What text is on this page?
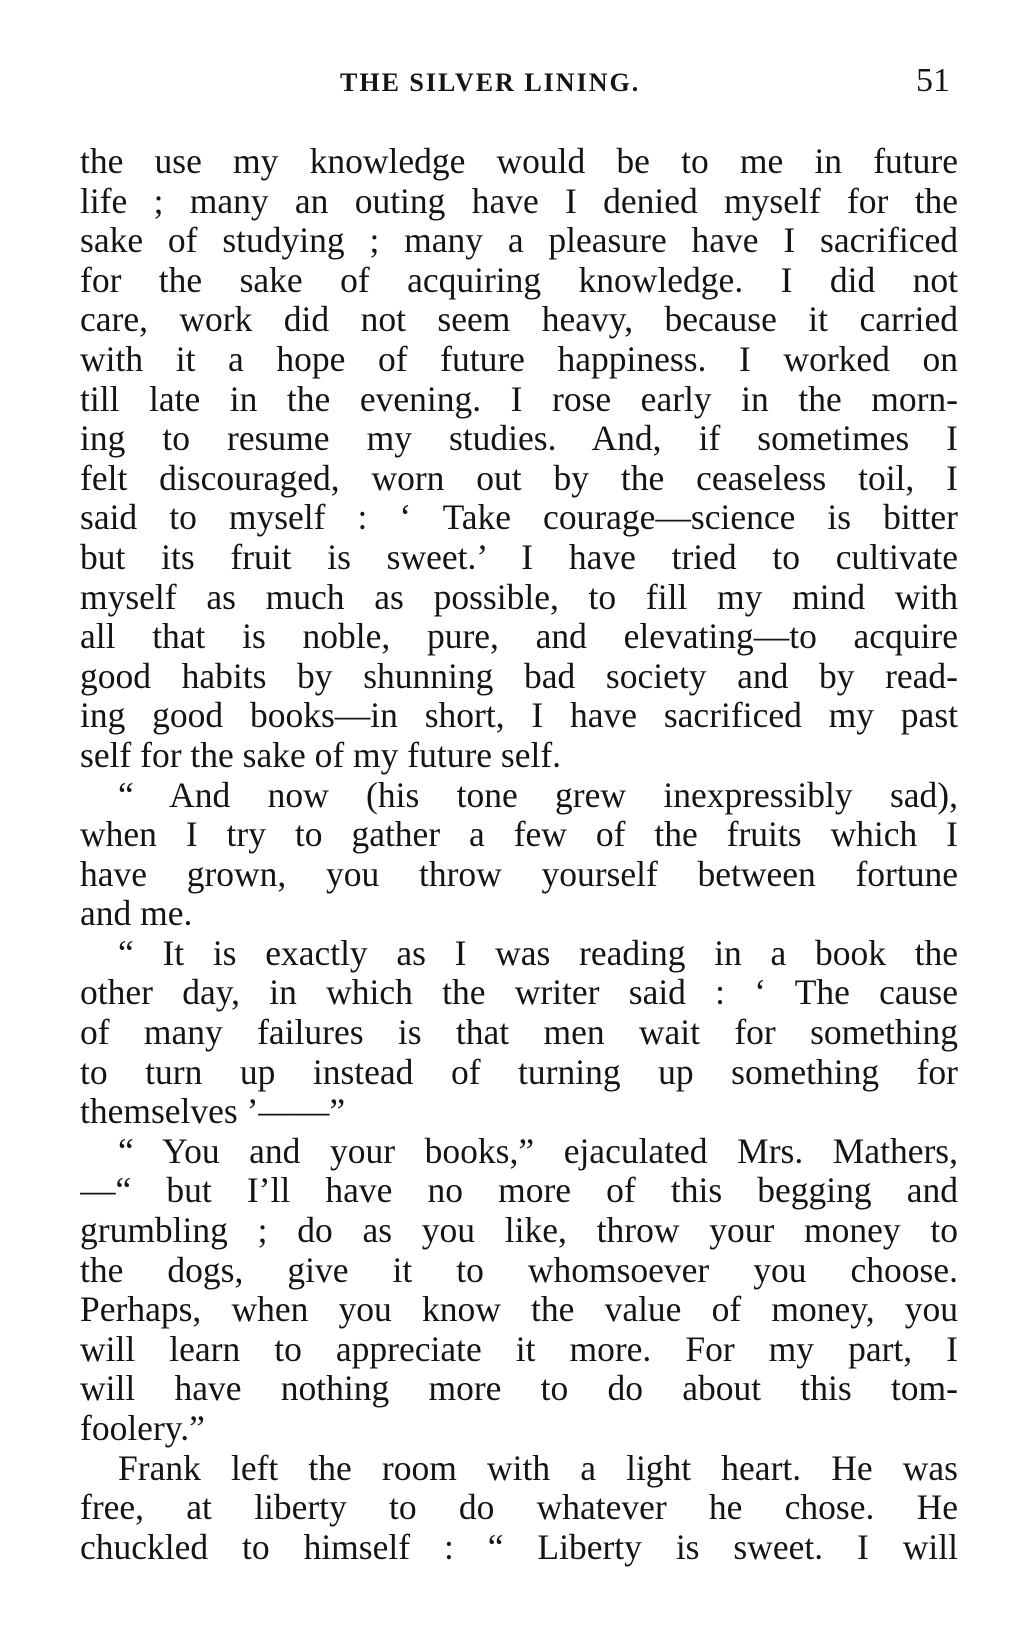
THE SILVER LINING.	51
the use my knowledge would be to me in future
life ; many an outing have I denied myself for the
sake of studying ; many a pleasure have I sacrificed
for the sake of acquiring knowledge. I did not
care, work did not seem heavy, because it carried
with it a hope of future happiness. I worked on
till late in the evening. I rose early in the morn-
ing to resume my studies. And, if sometimes I
felt discouraged, worn out by the ceaseless toil, I
said to myself : ‘ Take courage—science is bitter
but its fruit is sweet.’ I have tried to cultivate
myself as much as possible, to fill my mind with
all that is noble, pure, and elevating—to acquire
good habits by shunning bad society and by read-
ing good books—in short, I have sacrificed my past
self for the sake of my future self.
“ And now (his tone grew inexpressibly sad),
when I try to gather a few of the fruits which I
have grown, you throw yourself between fortune
and me.
“ It is exactly as I was reading in a book the
other day, in which the writer said : ‘ The cause
of many failures is that men wait for something
to turn up instead of turning up something for
themselves ’——”
“ You and your books,” ejaculated Mrs. Mathers,
—“ but I’ll have no more of this begging and
grumbling ; do as you like, throw your money to
the dogs, give it to whomsoever you choose.
Perhaps, when you know the value of money, you
will learn to appreciate it more. For my part, I
will have nothing more to do about this tom-
foolery.”
Frank left the room with a light heart. He was
free, at liberty to do whatever he chose. He
chuckled to himself : “ Liberty is sweet. I will
